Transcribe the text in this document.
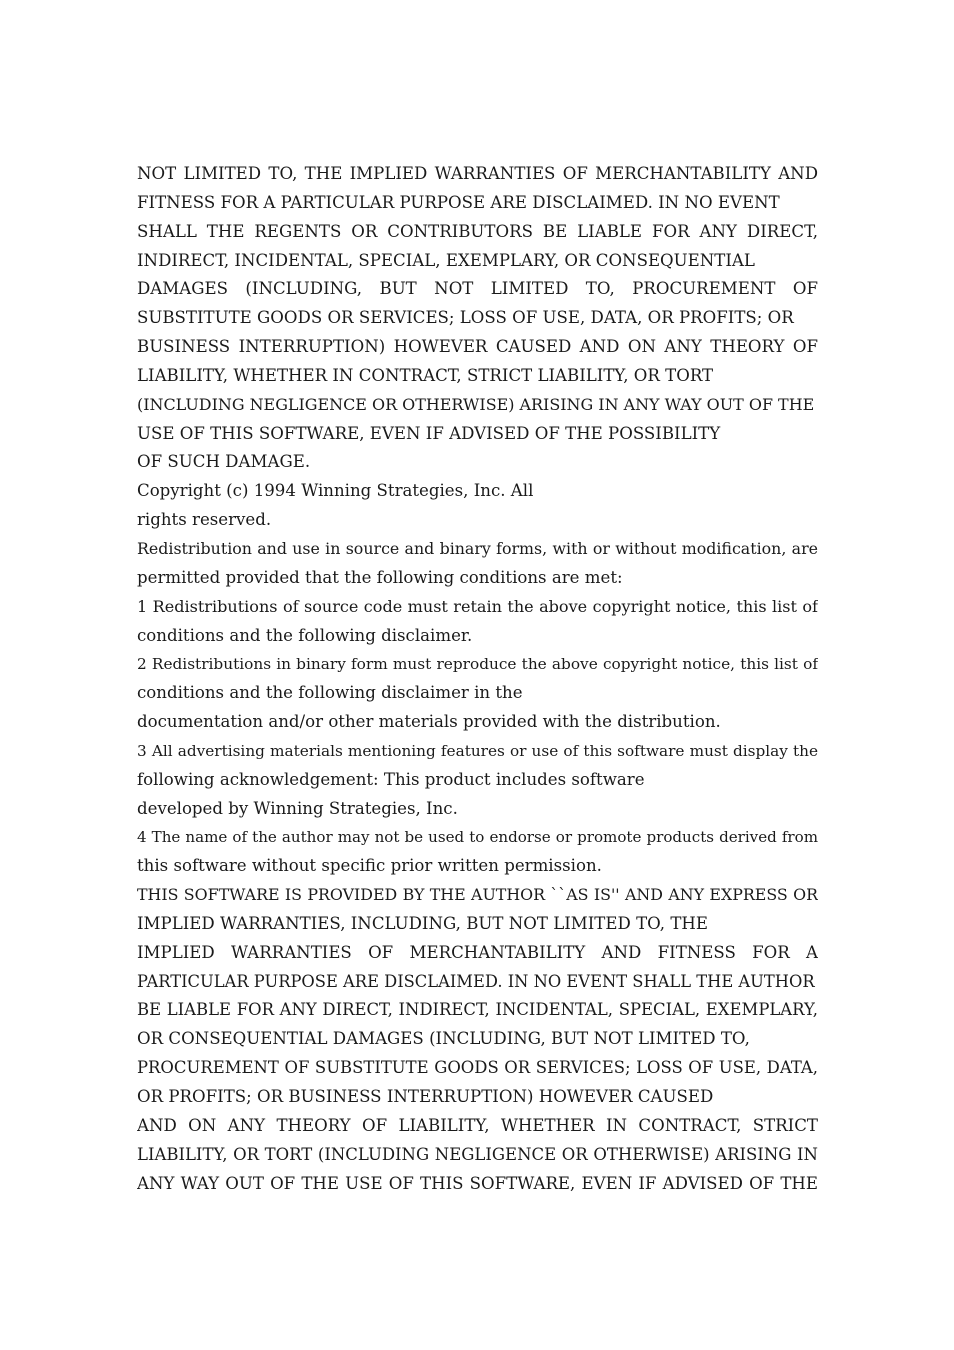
NOT LIMITED TO, THE IMPLIED WARRANTIES OF MERCHANTABILITY AND
FITNESS FOR A PARTICULAR PURPOSE ARE DISCLAIMED. IN NO EVENT
SHALL THE REGENTS OR CONTRIBUTORS BE LIABLE FOR ANY DIRECT,
INDIRECT, INCIDENTAL, SPECIAL, EXEMPLARY, OR CONSEQUENTIAL
DAMAGES (INCLUDING, BUT NOT LIMITED TO, PROCUREMENT OF
SUBSTITUTE GOODS OR SERVICES; LOSS OF USE, DATA, OR PROFITS; OR
BUSINESS INTERRUPTION) HOWEVER CAUSED AND ON ANY THEORY OF
LIABILITY, WHETHER IN CONTRACT, STRICT LIABILITY, OR TORT
(INCLUDING NEGLIGENCE OR OTHERWISE) ARISING IN ANY WAY OUT OF THE
USE OF THIS SOFTWARE, EVEN IF ADVISED OF THE POSSIBILITY
OF SUCH DAMAGE.
Copyright (c) 1994 Winning Strategies, Inc. All
rights reserved.
Redistribution and use in source and binary forms, with or without modification, are
permitted provided that the following conditions are met:
1 Redistributions of source code must retain the above copyright notice, this list of
conditions and the following disclaimer.
2 Redistributions in binary form must reproduce the above copyright notice, this list of
conditions and the following disclaimer in the
documentation and/or other materials provided with the distribution.
3 All advertising materials mentioning features or use of this software must display the
following acknowledgement: This product includes software
developed by Winning Strategies, Inc.
4 The name of the author may not be used to endorse or promote products derived from
this software without specific prior written permission.
THIS SOFTWARE IS PROVIDED BY THE AUTHOR ``AS IS'' AND ANY EXPRESS OR
IMPLIED WARRANTIES, INCLUDING, BUT NOT LIMITED TO, THE
IMPLIED WARRANTIES OF MERCHANTABILITY AND FITNESS FOR A
PARTICULAR PURPOSE ARE DISCLAIMED. IN NO EVENT SHALL THE AUTHOR
BE LIABLE FOR ANY DIRECT, INDIRECT, INCIDENTAL, SPECIAL, EXEMPLARY,
OR CONSEQUENTIAL DAMAGES (INCLUDING, BUT NOT LIMITED TO,
PROCUREMENT OF SUBSTITUTE GOODS OR SERVICES; LOSS OF USE, DATA,
OR PROFITS; OR BUSINESS INTERRUPTION) HOWEVER CAUSED
AND ON ANY THEORY OF LIABILITY, WHETHER IN CONTRACT, STRICT
LIABILITY, OR TORT (INCLUDING NEGLIGENCE OR OTHERWISE) ARISING IN
ANY WAY OUT OF THE USE OF THIS SOFTWARE, EVEN IF ADVISED OF THE
